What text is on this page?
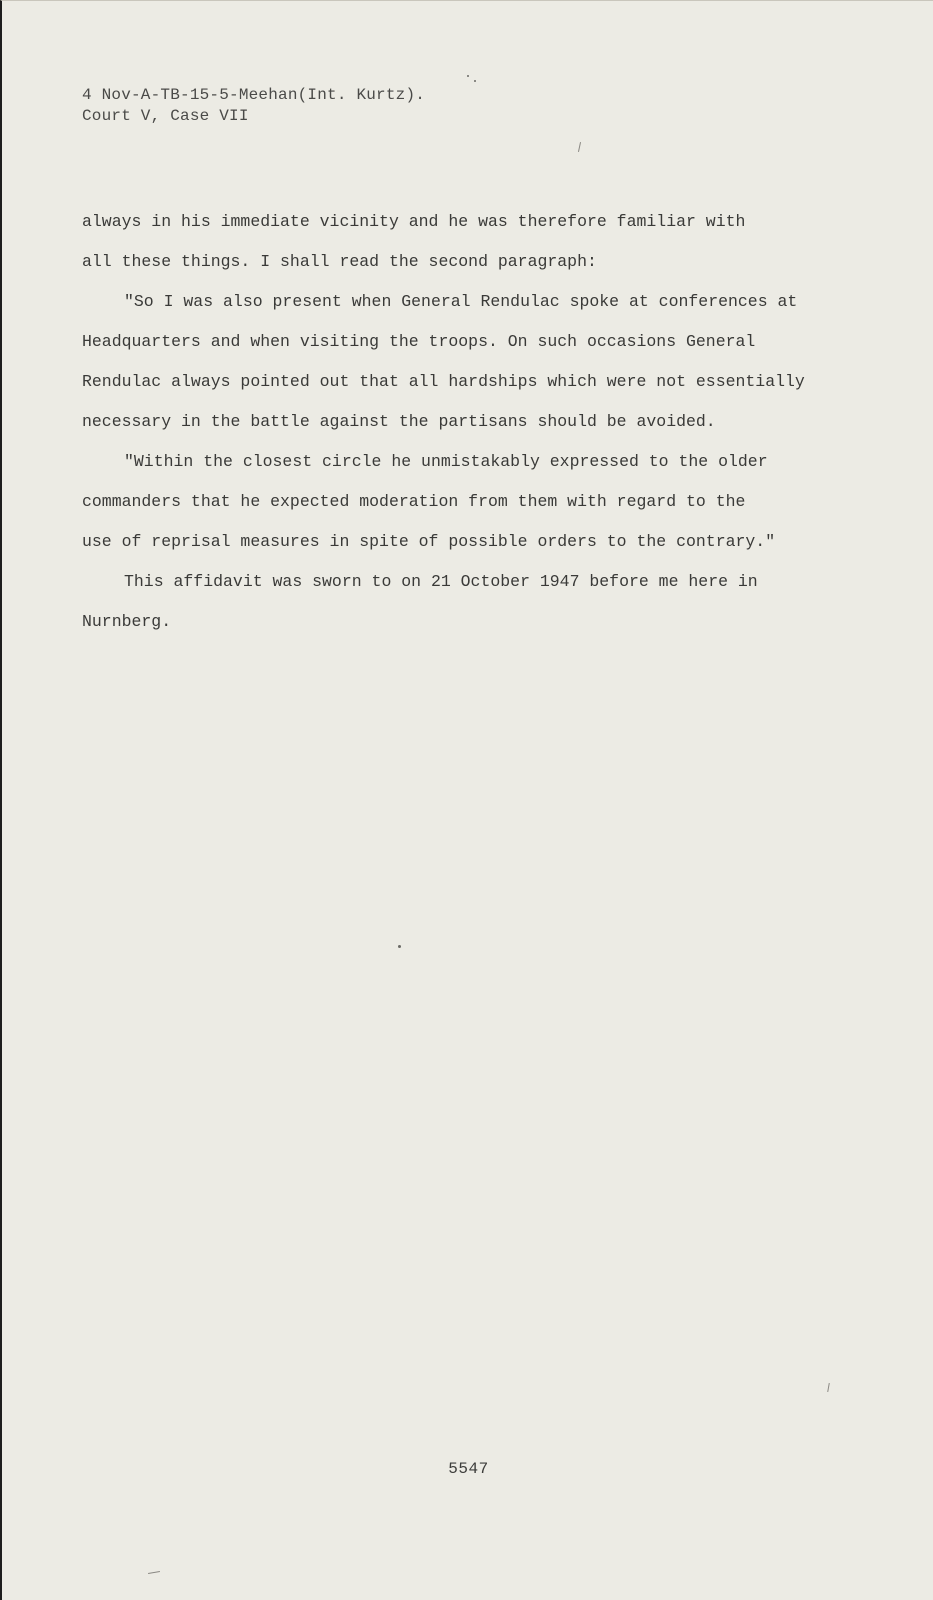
4 Nov-A-TB-15-5-Meehan(Int. Kurtz).
Court V, Case VII
always in his immediate vicinity and he was therefore familiar with
all these things. I shall read the second paragraph:
"So I was also present when General Rendulac spoke at conferences at
Headquarters and when visiting the troops. On such occasions General
Rendulac always pointed out that all hardships which were not essentially
necessary in the battle against the partisans should be avoided.
"Within the closest circle he unmistakably expressed to the older
commanders that he expected moderation from them with regard to the
use of reprisal measures in spite of possible orders to the contrary."
This affidavit was sworn to on 21 October 1947 before me here in
Nurnberg.
5547
